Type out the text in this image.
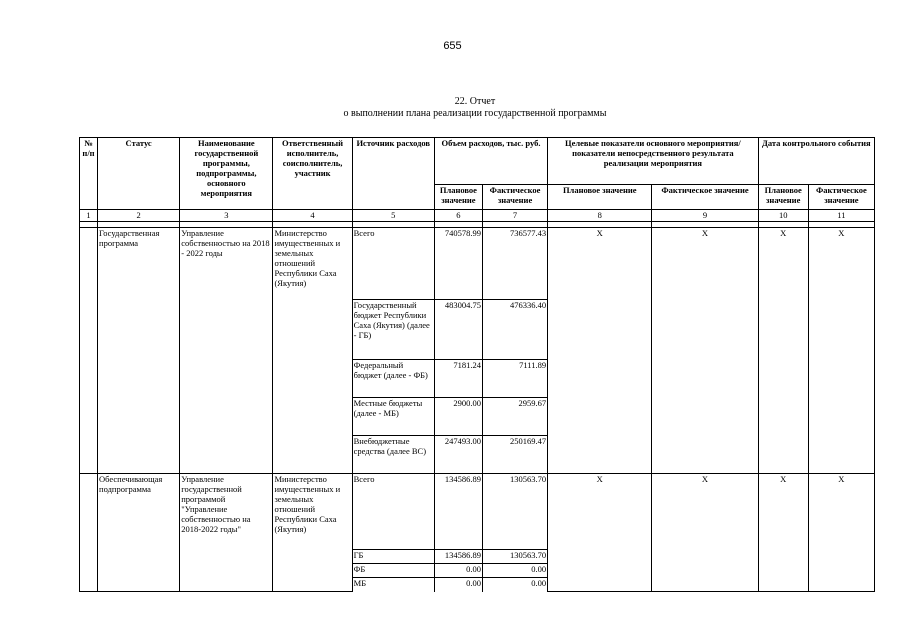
655
22. Отчет
о выполнении плана реализации государственной программы
№ п/п	Статус	Наименование государственной программы, подпрограммы, основного мероприятия	Ответственный исполнитель, соисполнитель, участник	Источник расходов	Объем расходов, тыс. руб.		Целевые показатели основного мероприятия/показатели непосредственного результата реализации мероприятия		Дата контрольного события	
					Плановое значение	Фактическое значение	Плановое значение	Фактическое значение	Плановое значение	Фактическое значение
1	2	3	4	5	6	7	8	9	10	11

	Государственная программа	Управление собственностью на 2018 - 2022 годы	Министерство имущественных и земельных отношений Республики Саха (Якутия)	Всего	740578.99	736577.43	Х	Х	Х	Х
				Государственный бюджет Республики Саха (Якутия) (далее - ГБ)	483004.75	476336.40				
				Федеральный бюджет (далее - ФБ)	7181.24	7111.89				
				Местные бюджеты (далее - МБ)	2900.00	2959.67				
				Внебюджетные средства (далее ВС)	247493.00	250169.47				
	Обеспечивающая подпрограмма	Управление государственной программой "Управление собственностью на 2018-2022 годы"	Министерство имущественных и земельных отношений Республики Саха (Якутия)	Всего	134586.89	130563.70	Х	Х	Х	Х
				ГБ	134586.89	130563.70				
				ФБ	0.00	0.00				
				МБ	0.00	0.00				
